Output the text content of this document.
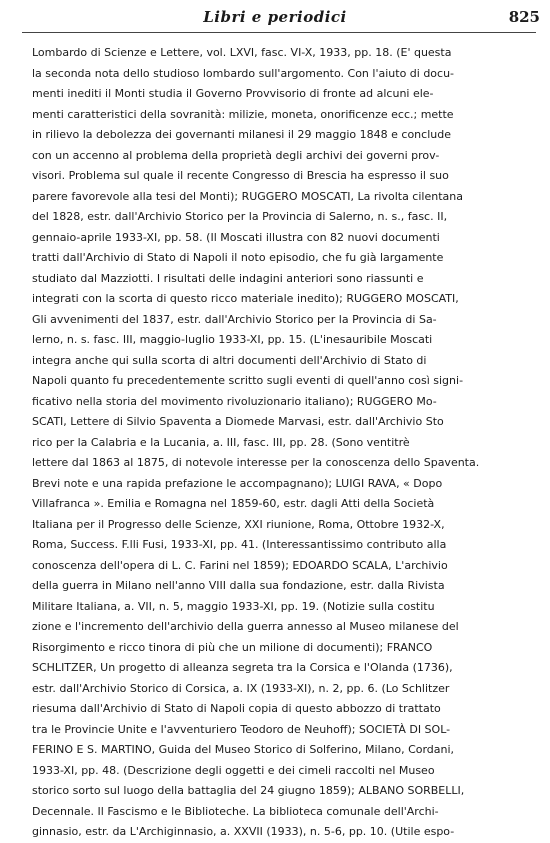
Libri e periodici	825
Lombardo di Scienze e Lettere, vol. LXVI, fasc. VI-X, 1933, pp. 18. (E' questa
la seconda nota dello studioso lombardo sull'argomento. Con l'aiuto di docu-
menti inediti il Monti studia il Governo Provvisorio di fronte ad alcuni ele-
menti caratteristici della sovranità: milizie, moneta, onorificenze ecc.; mette
in rilievo la debolezza dei governanti milanesi il 29 maggio 1848 e conclude
con un accenno al problema della proprietà degli archivi dei governi prov-
visori. Problema sul quale il recente Congresso di Brescia ha espresso il suo
parere favorevole alla tesi del Monti); RUGGERO MOSCATI, La rivolta cilentana
del 1828, estr. dall'Archivio Storico per la Provincia di Salerno, n. s., fasc. II,
gennaio-aprile 1933-XI, pp. 58. (Il Moscati illustra con 82 nuovi documenti
tratti dall'Archivio di Stato di Napoli il noto episodio, che fu già largamente
studiato dal Mazziotti. I risultati delle indagini anteriori sono riassunti e
integrati con la scorta di questo ricco materiale inedito); RUGGERO MOSCATI,
Gli avvenimenti del 1837, estr. dall'Archivio Storico per la Provincia di Sa-
lerno, n. s. fasc. III, maggio-luglio 1933-XI, pp. 15. (L'inesauribile Moscati
integra anche qui sulla scorta di altri documenti dell'Archivio di Stato di
Napoli quanto fu precedentemente scritto sugli eventi di quell'anno così signi-
ficativo nella storia del movimento rivoluzionario italiano); RUGGERO Mo-
SCATI, Lettere di Silvio Spaventa a Diomede Marvasi, estr. dall'Archivio Sto
rico per la Calabria e la Lucania, a. III, fasc. III, pp. 28. (Sono ventitrè
lettere dal 1863 al 1875, di notevole interesse per la conoscenza dello Spaventa.
Brevi note e una rapida prefazione le accompagnano); LUIGI RAVA, « Dopo
Villafranca ». Emilia e Romagna nel 1859-60, estr. dagli Atti della Società
Italiana per il Progresso delle Scienze, XXI riunione, Roma, Ottobre 1932-X,
Roma, Success. F.lli Fusi, 1933-XI, pp. 41. (Interessantissimo contributo alla
conoscenza dell'opera di L. C. Farini nel 1859); EDOARDO SCALA, L'archivio
della guerra in Milano nell'anno VIII dalla sua fondazione, estr. dalla Rivista
Militare Italiana, a. VII, n. 5, maggio 1933-XI, pp. 19. (Notizie sulla costitu
zione e l'incremento dell'archivio della guerra annesso al Museo milanese del
Risorgimento e ricco tinora di più che un milione di documenti); FRANCO
SCHLITZER, Un progetto di alleanza segreta tra la Corsica e l'Olanda (1736),
estr. dall'Archivio Storico di Corsica, a. IX (1933-XI), n. 2, pp. 6. (Lo Schlitzer
riesuma dall'Archivio di Stato di Napoli copia di questo abbozzo di trattato
tra le Provincie Unite e l'avventuriero Teodoro de Neuhoff); SOCIETÀ DI SOL-
FERINO E S. MARTINO, Guida del Museo Storico di Solferino, Milano, Cordani,
1933-XI, pp. 48. (Descrizione degli oggetti e dei cimeli raccolti nel Museo
storico sorto sul luogo della battaglia del 24 giugno 1859); ALBANO SORBELLI,
Decennale. Il Fascismo e le Biblioteche. La biblioteca comunale dell'Archi-
ginnasio, estr. da L'Archiginnasio, a. XXVII (1933), n. 5-6, pp. 10. (Utile espo-
